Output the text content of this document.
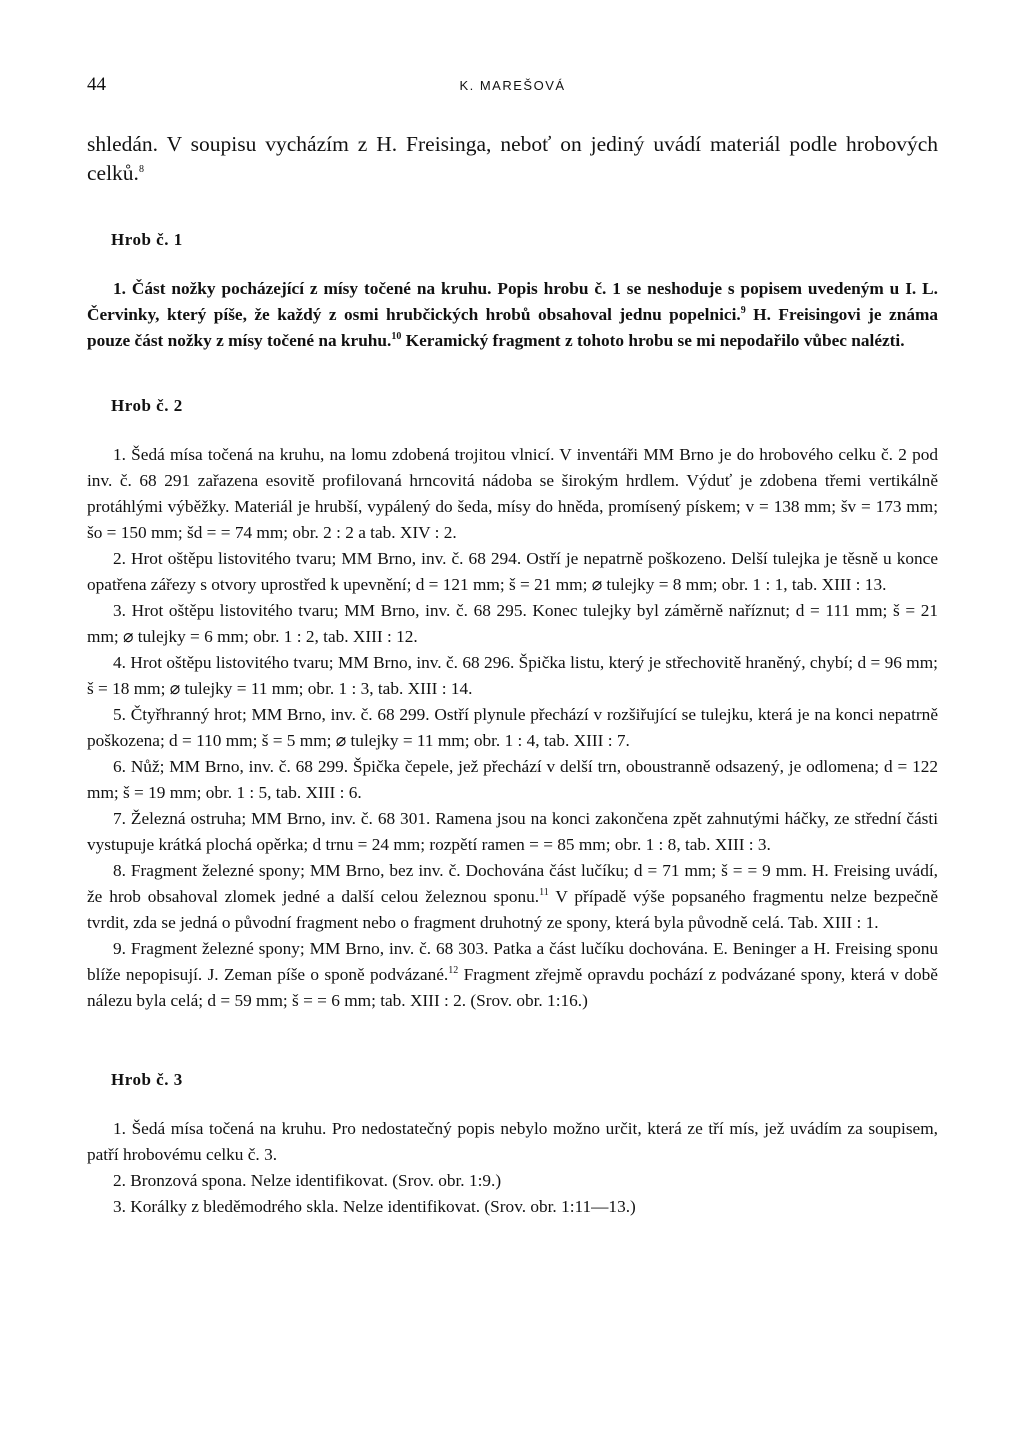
44	K. MAREŠOVÁ

shledán. V soupisu vycházím z H. Freisinga, neboť on jediný uvádí materiál podle hrobových celků.$^8$

Hrob č. 1

1. Část nožky pocházející z mísy točené na kruhu. Popis hrobu č. 1 se neshoduje s popisem uvedeným u I. L. Červinky, který píše, že každý z osmi hrubčických hrobů obsahoval jednu popelnici.$^9$ H. Freisingovi je známa pouze část nožky z mísy točené na kruhu.$^{10}$ Keramický fragment z tohoto hrobu se mi nepodařilo vůbec nalézti.

Hrob č. 2

1. Šedá mísa točená na kruhu, na lomu zdobená trojitou vlnicí. V inventáři MM Brno je do hrobového celku č. 2 pod inv. č. 68 291 zařazena esovitě profilovaná hrncovitá nádoba se širokým hrdlem. Výduť je zdobena třemi vertikálně protáhlými výběžky. Materiál je hrubší, vypálený do šeda, mísy do hněda, promísený pískem; v = 138 mm; šv = 173 mm; šo = 150 mm; šd = = 74 mm; obr. 2 : 2 a tab. XIV : 2.

2. Hrot oštěpu listovitého tvaru; MM Brno, inv. č. 68 294. Ostří je nepatrně poškozeno. Delší tulejka je těsně u konce opatřena zářezy s otvory uprostřed k upevnění; d = 121 mm; š = 21 mm; ⌀ tulejky = 8 mm; obr. 1 : 1, tab. XIII : 13.

3. Hrot oštěpu listovitého tvaru; MM Brno, inv. č. 68 295. Konec tulejky byl záměrně naříznut; d = 111 mm; š = 21 mm; ⌀ tulejky = 6 mm; obr. 1 : 2, tab. XIII : 12.

4. Hrot oštěpu listovitého tvaru; MM Brno, inv. č. 68 296. Špička listu, který je střechovitě hraněný, chybí; d = 96 mm; š = 18 mm; ⌀ tulejky = 11 mm; obr. 1 : 3, tab. XIII : 14.

5. Čtyřhranný hrot; MM Brno, inv. č. 68 299. Ostří plynule přechází v rozšiřující se tulejku, která je na konci nepatrně poškozena; d = 110 mm; š = 5 mm; ⌀ tulejky = 11 mm; obr. 1 : 4, tab. XIII : 7.

6. Nůž; MM Brno, inv. č. 68 299. Špička čepele, jež přechází v delší trn, oboustranně odsazený, je odlomena; d = 122 mm; š = 19 mm; obr. 1 : 5, tab. XIII : 6.

7. Železná ostruha; MM Brno, inv. č. 68 301. Ramena jsou na konci zakončena zpět zahnutými háčky, ze střední části vystupuje krátká plochá opěrka; d trnu = 24 mm; rozpětí ramen = = 85 mm; obr. 1 : 8, tab. XIII : 3.

8. Fragment železné spony; MM Brno, bez inv. č. Dochována část lučíku; d = 71 mm; š = = 9 mm. H. Freising uvádí, že hrob obsahoval zlomek jedné a další celou železnou sponu.$^{11}$ V případě výše popsaného fragmentu nelze bezpečně tvrdit, zda se jedná o původní fragment nebo o fragment druhotný ze spony, která byla původně celá. Tab. XIII : 1.

9. Fragment železné spony; MM Brno, inv. č. 68 303. Patka a část lučíku dochována. E. Beninger a H. Freising sponu blíže nepopisují. J. Zeman píše o sponě podvázané.$^{12}$ Fragment zřejmě opravdu pochází z podvázané spony, která v době nálezu byla celá; d = 59 mm; š = = 6 mm; tab. XIII : 2. (Srov. obr. 1:16.)

Hrob č. 3

1. Šedá mísa točená na kruhu. Pro nedostatečný popis nebylo možno určit, která ze tří mís, jež uvádím za soupisem, patří hrobovému celku č. 3.

2. Bronzová spona. Nelze identifikovat. (Srov. obr. 1:9.)

3. Korálky z bleděmodrého skla. Nelze identifikovat. (Srov. obr. 1:11—13.)
